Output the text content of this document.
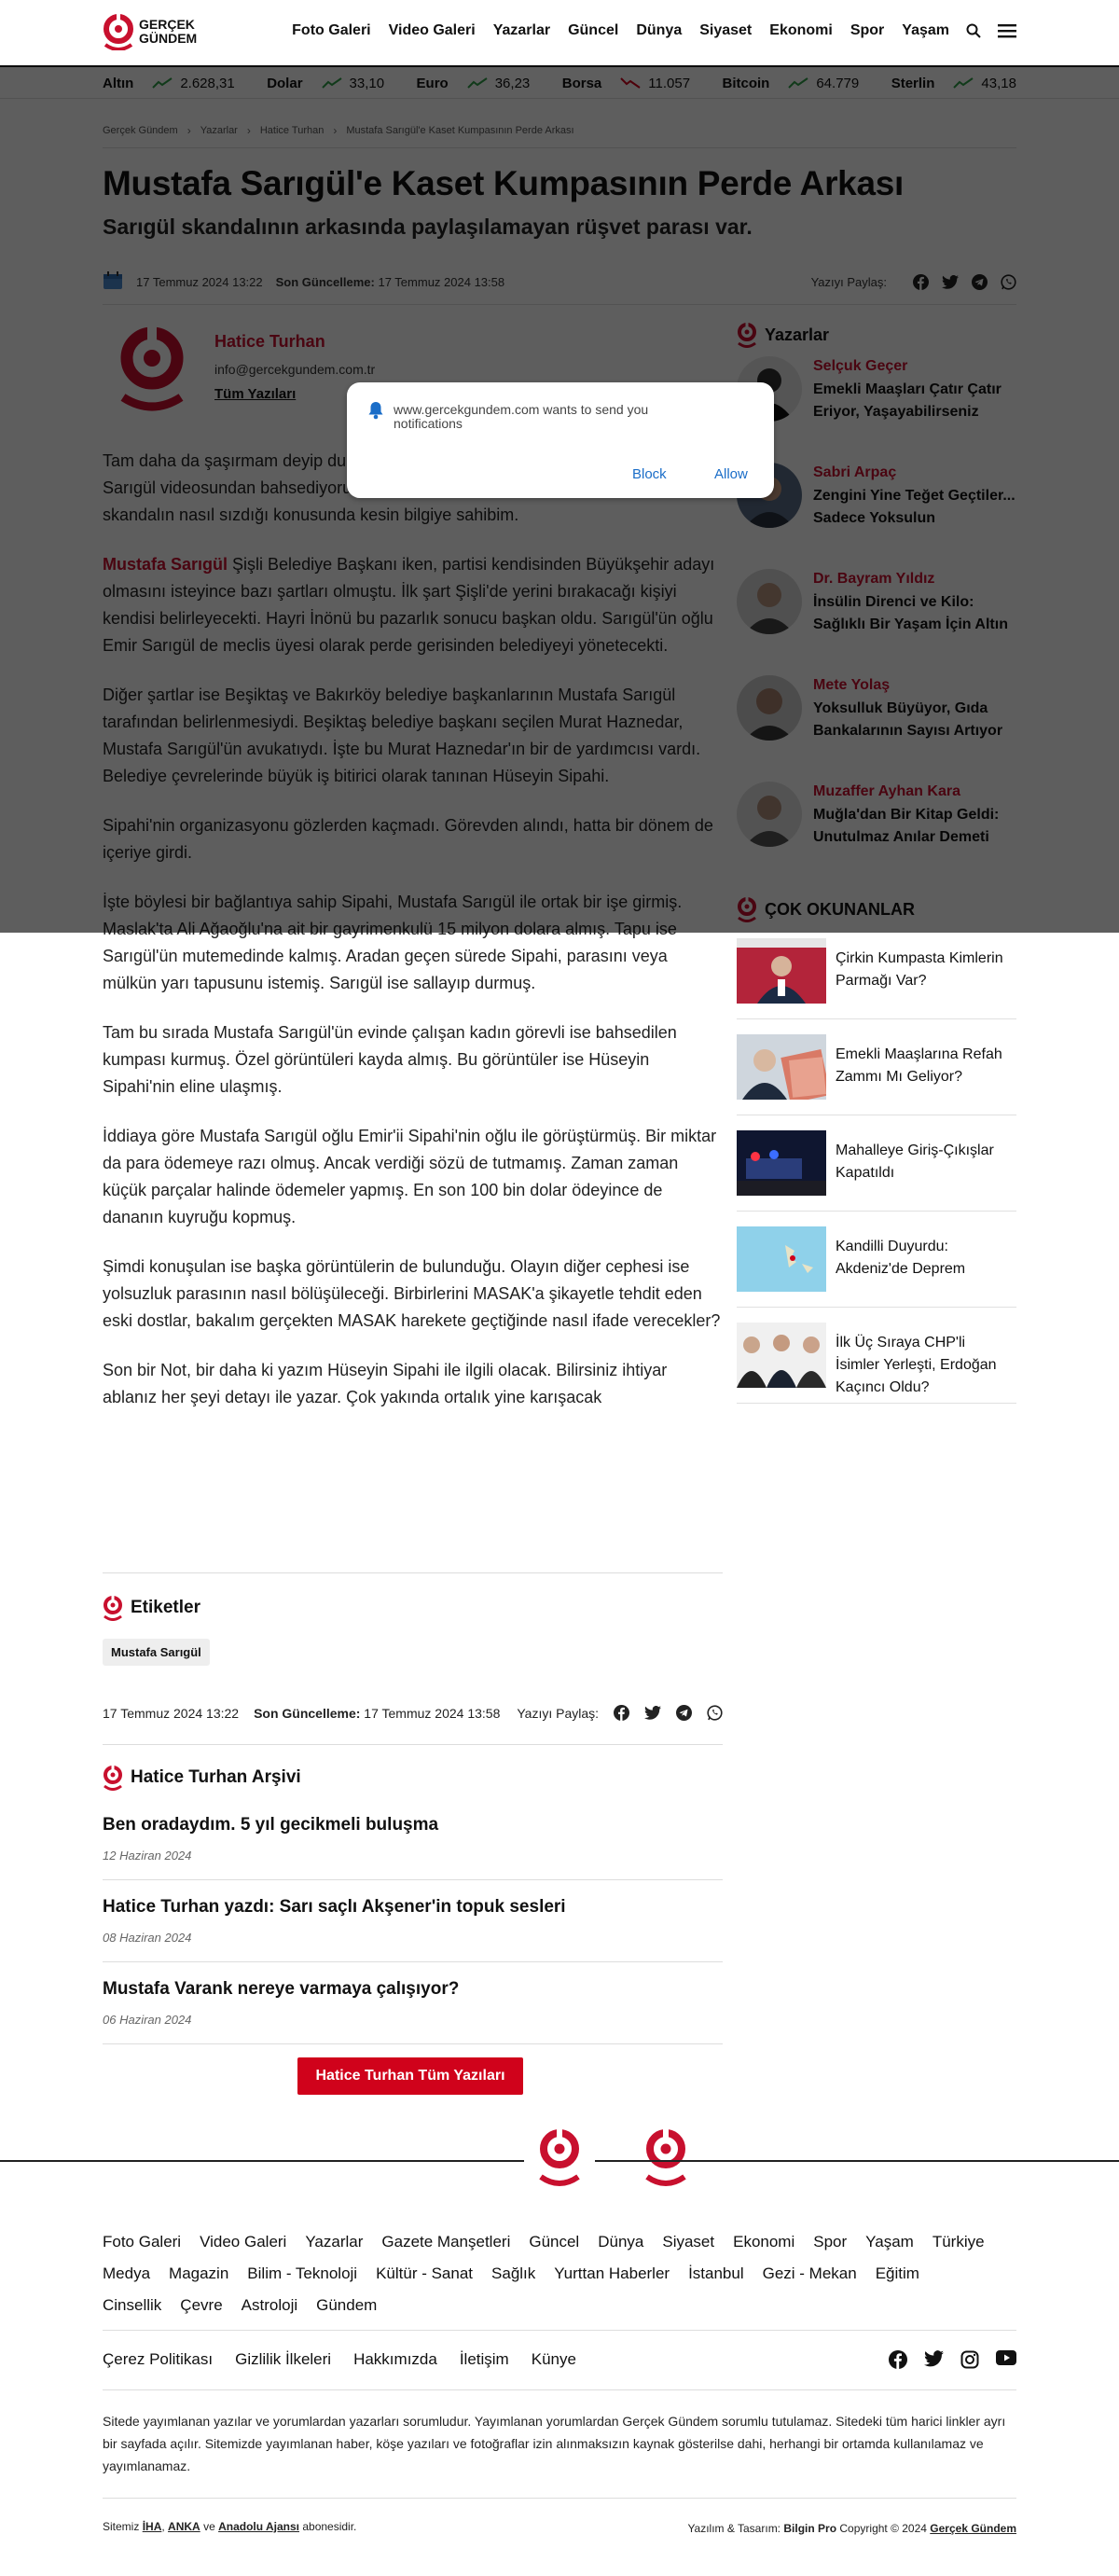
GERÇEK
GÜNDEM	Foto Galeri Video Galeri Yazarlar Güncel Dünya Siyaset Ekonomi Spor Yaşam

Sarıgül'ün mutemedinde kalmış. Aradan geçen sürede Sipahi, parasını veya mülkün yarı tapusunu istemiş. Sarıgül ise sallayıp durmuş.

Tam bu sırada Mustafa Sarıgül'ün evinde çalışan kadın görevli ise bahsedilen kumpası kurmuş. Özel görüntüleri kayda almış. Bu görüntüler ise Hüseyin Sipahi'nin eline ulaşmış.

İddiaya göre Mustafa Sarıgül oğlu Emir'ii Sipahi'nin oğlu ile görüştürmüş. Bir miktar da para ödemeye razı olmuş. Ancak verdiği sözü de tutmamış. Zaman zaman küçük parçalar halinde ödemeler yapmış. En son 100 bin dolar ödeyince de dananın kuyruğu kopmuş.

Şimdi konuşulan ise başka görüntülerin de bulunduğu. Olayın diğer cephesi ise yolsuzluk parasının nasıl bölüşüleceği. Birbirlerini MASAK'a şikayetle tehdit eden eski dostlar, bakalım gerçekten MASAK harekete geçtiğinde nasıl ifade verecekler?

Son bir Not, bir daha ki yazım Hüseyin Sipahi ile ilgili olacak. Bilirsiniz ihtiyar ablanız her şeyi detayı ile yazar. Çok yakında ortalık yine karışacak

Etiketler
Mustafa Sarıgül
17 Temmuz 2024 13:22 Son Güncelleme:
17 Temmuz 2024 13:58 Yazıyı Paylaş:
Hatice Turhan Arşivi
Ben oradaydım. 5 yıl gecikmeli buluşma
12 Haziran 2024
Hatice Turhan yazdı: Sarı saçlı Akşener'in topuk sesleri
08 Haziran 2024
Mustafa Varank nereye varmaya çalışıyor?
06 Haziran 2024
Hatice Turhan Tüm Yazıları
Çirkin Kumpasta Kimlerin Parmağı Var?
Emekli Maaşlarına Refah Zammı Mı Geliyor?
Mahalleye Giriş-Çıkışlar Kapatıldı
Kandilli Duyurdu: Akdeniz'de Deprem
İlk Üç Sıraya CHP'li İsimler Yerleşti, Erdoğan Kaçıncı Oldu?
Foto Galeri Video Galeri Yazarlar Gazete Manşetleri Güncel Dünya Siyaset Ekonomi Spor Yaşam Türkiye
Medya Magazin Bilim - Teknoloji Kültür - Sanat Sağlık Yurttan Haberler İstanbul Gezi - Mekan Eğitim
Cinsellik Çevre Astroloji Gündem
Çerez Politikası Gizlilik İlkeleri Hakkımızda İletişim Künye
Sitede yayımlanan yazılar ve yorumlardan yazarları sorumludur. Yayımlanan yorumlardan Gerçek Gündem sorumlu tutulamaz. Sitedeki tüm harici linkler ayrı bir sayfada açılır. Sitemizde yayımlanan haber, köşe yazıları ve fotoğraflar izin alınmaksızın kaynak gösterilse dahi, herhangi bir ortamda kullanılamaz ve yayımlanamaz.
Sitemiz İHA, ANKA ve Anadolu Ajansı abonesidir.	Yazılım & Tasarım: Bilgin Pro Copyright © 2024 Gerçek Gündem
www.gercekgundem.com wants to send you notifications
Block	Allow
